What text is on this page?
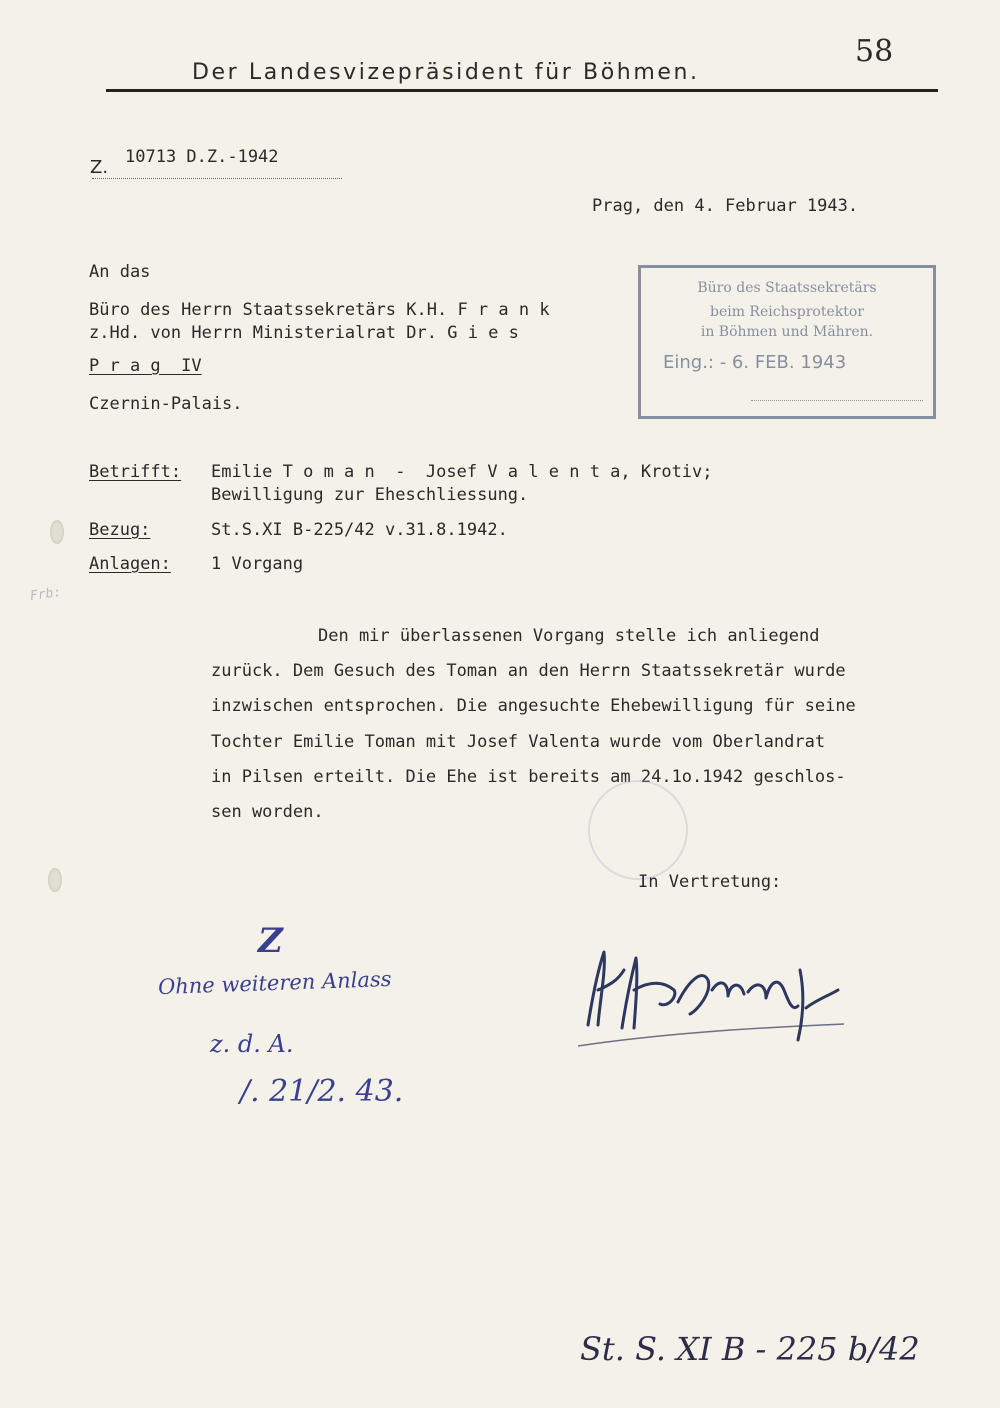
Der Landesvizepräsident für Böhmen.
58
Z. 10713 D.Z.-1942
Prag, den 4. Februar 1943.
An das
Büro des Herrn Staatssekretärs K.H. F r a n k
z.Hd. von Herrn Ministerialrat Dr. G i e s
P r a g  IV
Czernin-Palais.
Büro des Staatssekretärs
beim Reichsprotektor
in Böhmen und Mähren.
Eing.: - 6. FEB. 1943
Betrifft: Emilie T o m a n  -  Josef V a l e n t a, Krotiv;
Bewilligung zur Eheschliessung.
Bezug:	St.S.XI B-225/42 v.31.8.1942.
Anlagen: 1 Vorgang
Frb:
Den mir überlassenen Vorgang stelle ich anliegend
zurück. Dem Gesuch des Toman an den Herrn Staatssekretär wurde
inzwischen entsprochen. Die angesuchte Ehebewilligung für seine
Tochter Emilie Toman mit Josef Valenta wurde vom Oberlandrat
in Pilsen erteilt. Die Ehe ist bereits am 24.1o.1942 geschlos-
sen worden.
In Vertretung:
Z
Ohne weiteren Anlass
z. d. A.
/. 21/2. 43.
St. S. XI B - 225 b/42
